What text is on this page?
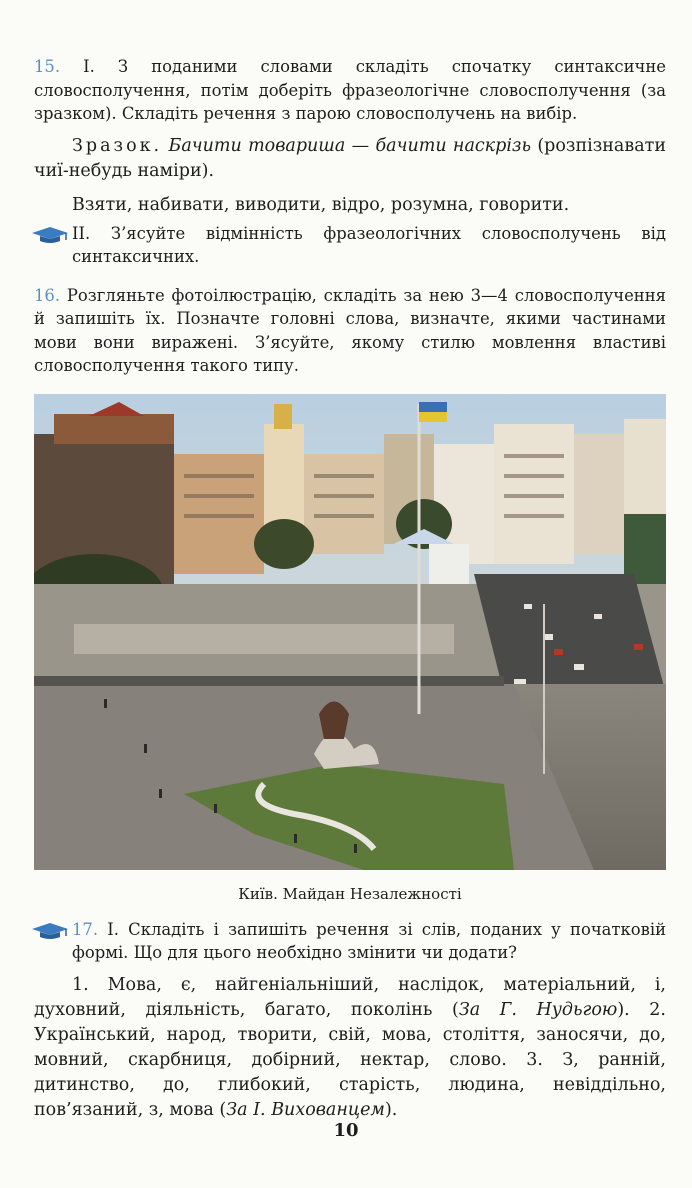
15. І. З поданими словами складіть спочатку синтаксичне словосполучення, потім доберіть фразеологічне словосполучення (за зразком). Складіть речення з парою словосполучень на вибір.

Зразок. Бачити товариша — бачити наскрізь (розпізнавати чиї-небудь наміри).

Взяти, набивати, виводити, відро, розумна, говорити.

ІІ. З’ясуйте відмінність фразеологічних словосполучень від синтаксичних.

16. Розгляньте фотоілюстрацію, складіть за нею 3—4 словосполучення й запишіть їх. Позначте головні слова, визначте, якими частинами мови вони виражені. З’ясуйте, якому стилю мовлення властиві словосполучення такого типу.

Київ. Майдан Незалежності

17. І. Складіть і запишіть речення зі слів, поданих у початковій формі. Що для цього необхідно змінити чи додати?

1. Мова, є, найгеніальніший, наслідок, матеріальний, і, духовний, діяльність, багато, поколінь (За Г. Нудьгою). 2. Український, народ, творити, свій, мова, століття, заносячи, до, мовний, скарбниця, добірний, нектар, слово. 3. З, ранній, дитинство, до, глибокий, старість, людина, невіддільно, пов’язаний, з, мова (За І. Вихованцем).

10
